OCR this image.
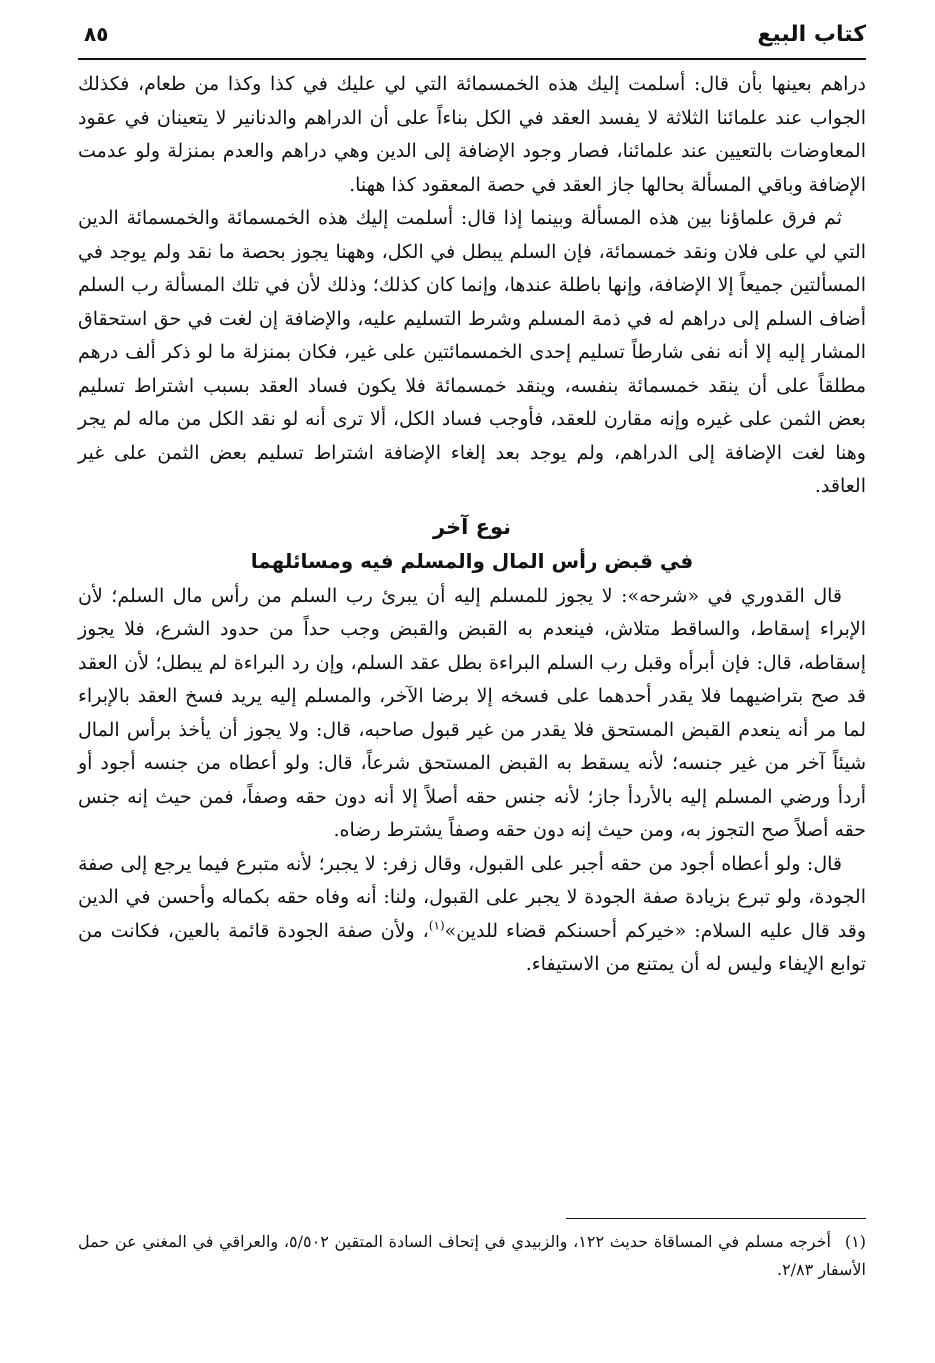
كتاب البيع
٨٥

دراهم بعينها بأن قال: أسلمت إليك هذه الخمسمائة التي لي عليك في كذا وكذا من طعام، فكذلك الجواب عند علمائنا الثلاثة لا يفسد العقد في الكل بناءاً على أن الدراهم والدنانير لا يتعينان في عقود المعاوضات بالتعيين عند علمائنا، فصار وجود الإضافة إلى الدين وهي دراهم والعدم بمنزلة ولو عدمت الإضافة وباقي المسألة بحالها جاز العقد في حصة المعقود كذا ههنا.

ثم فرق علماؤنا بين هذه المسألة وبينما إذا قال: أسلمت إليك هذه الخمسمائة والخمسمائة الدين التي لي على فلان ونقد خمسمائة، فإن السلم يبطل في الكل، وههنا يجوز بحصة ما نقد ولم يوجد في المسألتين جميعاً إلا الإضافة، وإنها باطلة عندها، وإنما كان كذلك؛ وذلك لأن في تلك المسألة رب السلم أضاف السلم إلى دراهم له في ذمة المسلم وشرط التسليم عليه، والإضافة إن لغت في حق استحقاق المشار إليه إلا أنه نفى شارطاً تسليم إحدى الخمسمائتين على غير، فكان بمنزلة ما لو ذكر ألف درهم مطلقاً على أن ينقد خمسمائة بنفسه، وينقد خمسمائة فلا يكون فساد العقد بسبب اشتراط تسليم بعض الثمن على غيره وإنه مقارن للعقد، فأوجب فساد الكل، ألا ترى أنه لو نقد الكل من ماله لم يجر وهنا لغت الإضافة إلى الدراهم، ولم يوجد بعد إلغاء الإضافة اشتراط تسليم بعض الثمن على غير العاقد.

نوع آخر
في قبض رأس المال والمسلم فيه ومسائلهما

قال القدوري في «شرحه»: لا يجوز للمسلم إليه أن يبرئ رب السلم من رأس مال السلم؛ لأن الإبراء إسقاط، والساقط متلاش، فينعدم به القبض والقبض وجب حداً من حدود الشرع، فلا يجوز إسقاطه، قال: فإن أبرأه وقبل رب السلم البراءة بطل عقد السلم، وإن رد البراءة لم يبطل؛ لأن العقد قد صح بتراضيهما فلا يقدر أحدهما على فسخه إلا برضا الآخر، والمسلم إليه يريد فسخ العقد بالإبراء لما مر أنه ينعدم القبض المستحق فلا يقدر من غير قبول صاحبه، قال: ولا يجوز أن يأخذ برأس المال شيئاً آخر من غير جنسه؛ لأنه يسقط به القبض المستحق شرعاً، قال: ولو أعطاه من جنسه أجود أو أردأ ورضي المسلم إليه بالأردأ جاز؛ لأنه جنس حقه أصلاً إلا أنه دون حقه وصفاً، فمن حيث إنه جنس حقه أصلاً صح التجوز به، ومن حيث إنه دون حقه وصفاً يشترط رضاه.

قال: ولو أعطاه أجود من حقه أجبر على القبول، وقال زفر: لا يجبر؛ لأنه متبرع فيما يرجع إلى صفة الجودة، ولو تبرع بزيادة صفة الجودة لا يجبر على القبول، ولنا: أنه وفاه حقه بكماله وأحسن في الدين وقد قال عليه السلام: «خيركم أحسنكم قضاء للدين»$^{(١)}$، ولأن صفة الجودة قائمة بالعين، فكانت من توابع الإيفاء وليس له أن يمتنع من الاستيفاء.

(١)أخرجه مسلم في المساقاة حديث ١٢٢، والزبيدي في إتحاف السادة المتقين ٥/٥٠٢، والعراقي في المغني عن حمل الأسفار ٢/٨٣.
